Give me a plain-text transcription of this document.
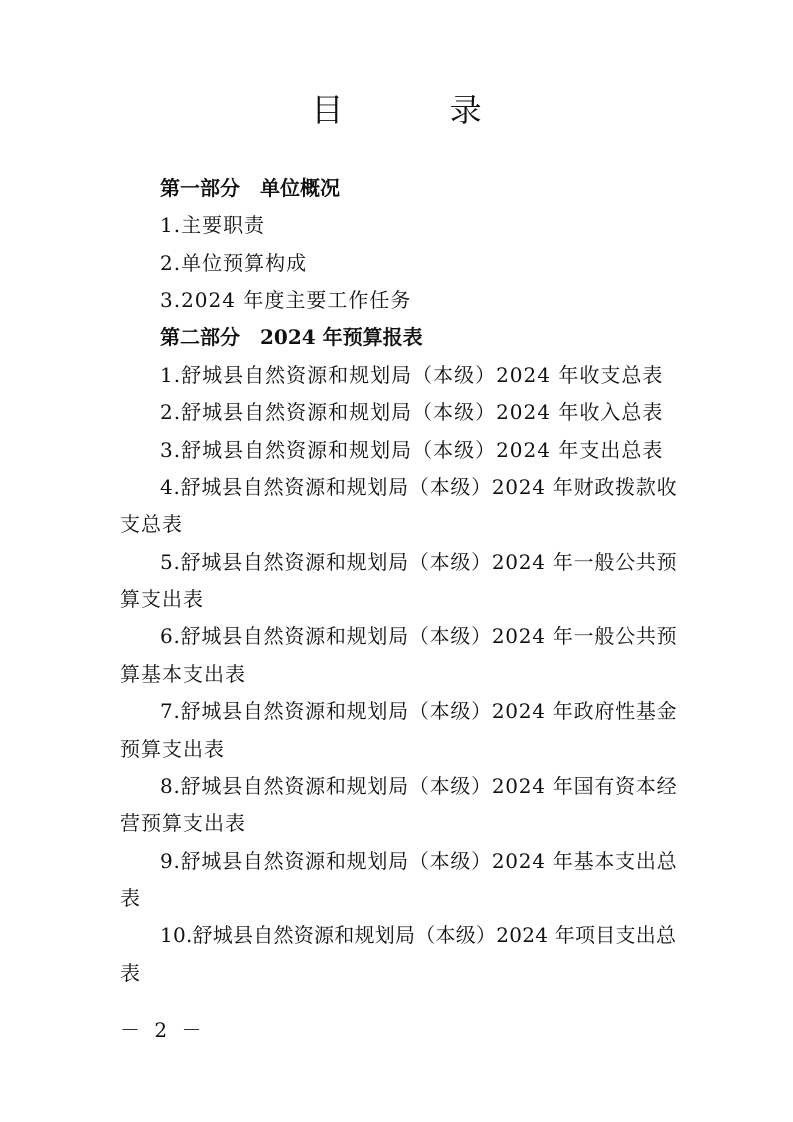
目 录
第一部分　单位概况
1.主要职责
2.单位预算构成
3.2024 年度主要工作任务
第二部分　2024 年预算报表
1.舒城县自然资源和规划局（本级）2024 年收支总表
2.舒城县自然资源和规划局（本级）2024 年收入总表
3.舒城县自然资源和规划局（本级）2024 年支出总表
4.舒城县自然资源和规划局（本级）2024 年财政拨款收
支总表
5.舒城县自然资源和规划局（本级）2024 年一般公共预
算支出表
6.舒城县自然资源和规划局（本级）2024 年一般公共预
算基本支出表
7.舒城县自然资源和规划局（本级）2024 年政府性基金
预算支出表
8.舒城县自然资源和规划局（本级）2024 年国有资本经
营预算支出表
9.舒城县自然资源和规划局（本级）2024 年基本支出总
表
10.舒城县自然资源和规划局（本级）2024 年项目支出总
表
－ 2 －
